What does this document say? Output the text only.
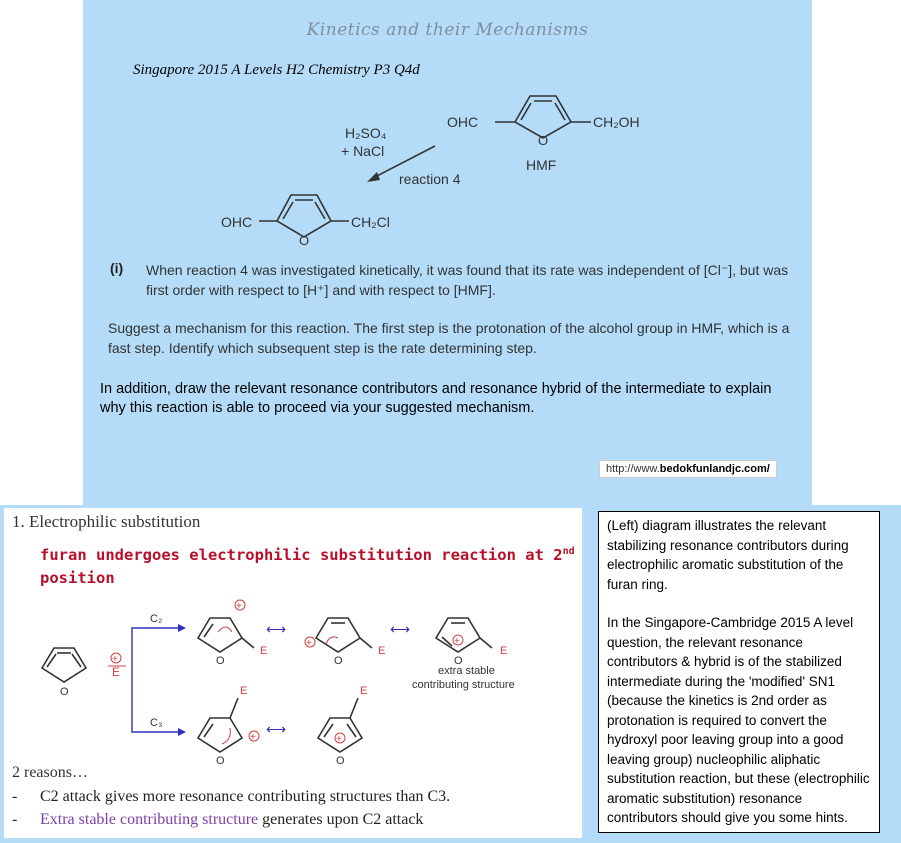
Kinetics and their Mechanisms
Singapore 2015 A Levels H2 Chemistry P3 Q4d
OHC	CH₂OH
O
HMF
H₂SO₄
+ NaCl
reaction 4
OHC	CH₂Cl
O
(i) When reaction 4 was investigated kinetically, it was found that its rate was independent of [Cl⁻], but was first order with respect to [H⁺] and with respect to [HMF].
Suggest a mechanism for this reaction. The first step is the protonation of the alcohol group in HMF, which is a fast step. Identify which subsequent step is the rate determining step.
In addition, draw the relevant resonance contributors and resonance hybrid of the intermediate to explain why this reaction is able to proceed via your suggested mechanism.
http://www.bedokfunlandjc.com/
1. Electrophilic substitution
furan undergoes electrophilic substitution reaction at 2nd position
O
+
E
C₂
C₃
+
E
O
⟷
+
E
O
⟷
+
E
O
extra stable
contributing structure
E
+
O
⟷
E
+
O
2 reasons…
- C2 attack gives more resonance contributing structures than C3.
- Extra stable contributing structure generates upon C2 attack

(Left) diagram illustrates the relevant stabilizing resonance contributors during electrophilic aromatic substitution of the furan ring.

In the Singapore-Cambridge 2015 A level question, the relevant resonance contributors & hybrid is of the stabilized intermediate during the 'modified' SN1 (because the kinetics is 2nd order as protonation is required to convert the hydroxyl poor leaving group into a good leaving group) nucleophilic aliphatic substitution reaction, but these (electrophilic aromatic substitution) resonance contributors should give you some hints.
